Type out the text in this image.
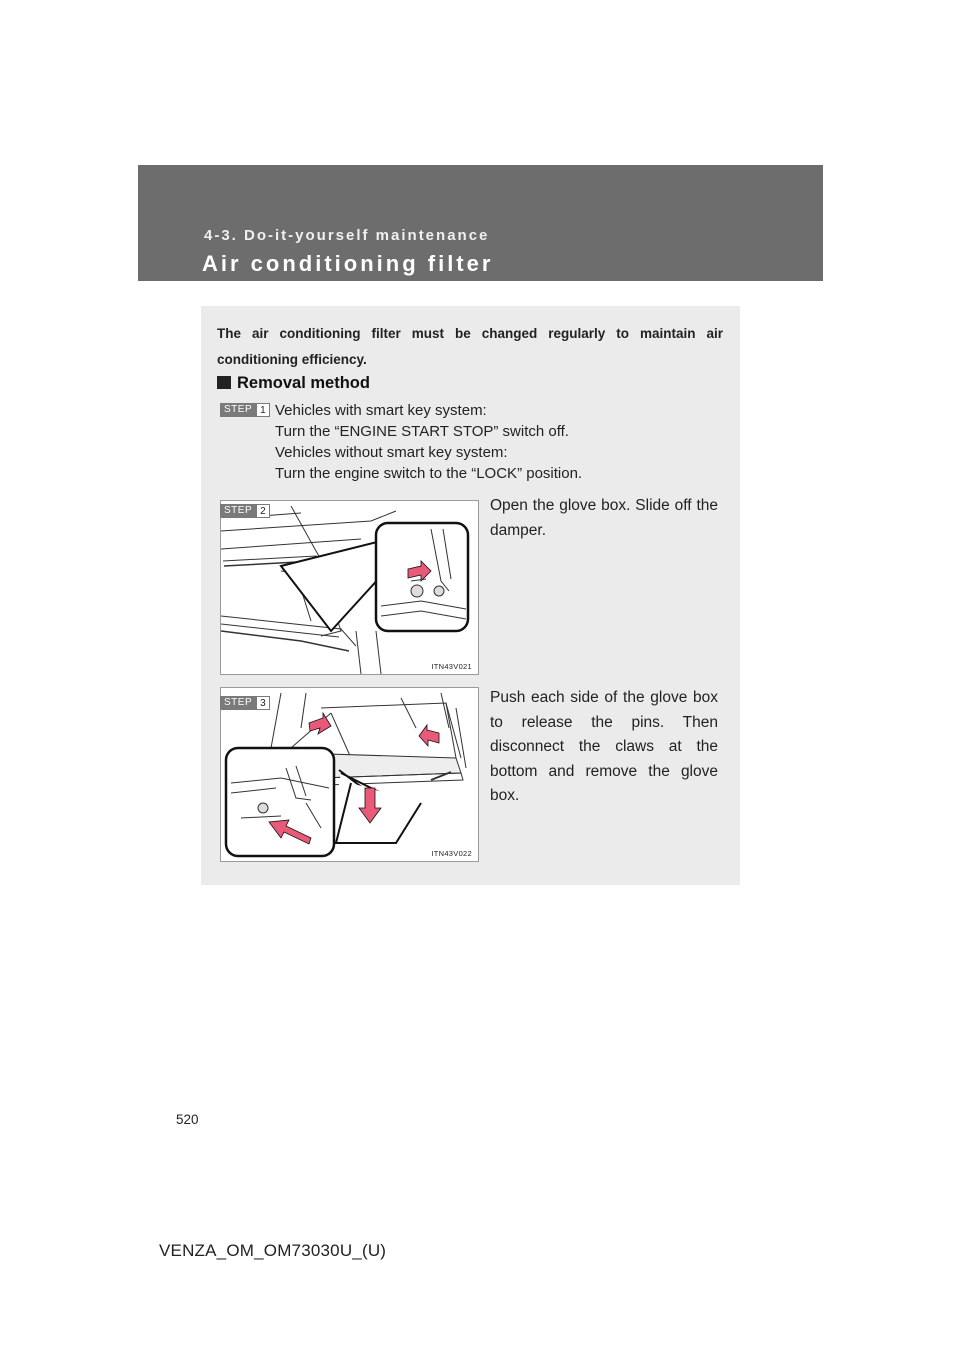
4-3. Do-it-yourself maintenance
Air conditioning filter
The air conditioning filter must be changed regularly to maintain air conditioning efficiency.
Removal method
STEP 1 Vehicles with smart key system:
Turn the “ENGINE START STOP” switch off.
Vehicles without smart key system:
Turn the engine switch to the “LOCK” position.
ITN43V021
STEP 2	Open the glove box. Slide off the damper.
ITN43V022
STEP 3	Push each side of the glove box to release the pins. Then disconnect the claws at the bottom and remove the glove box.
520
VENZA_OM_OM73030U_(U)
